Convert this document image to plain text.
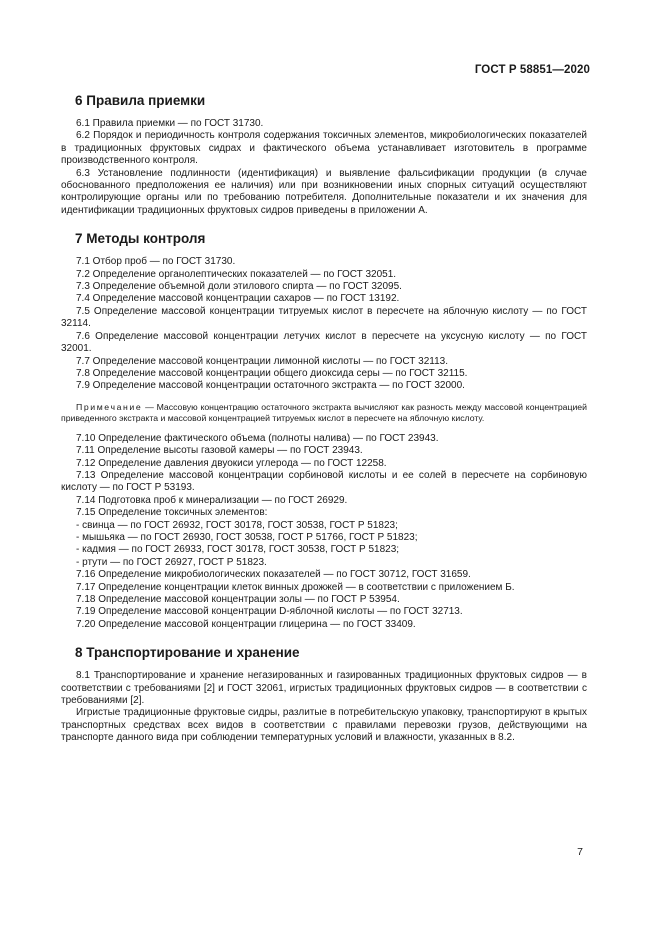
ГОСТ Р 58851—2020
6 Правила приемки

6.1 Правила приемки — по ГОСТ 31730.

6.2 Порядок и периодичность контроля содержания токсичных элементов, микробиологических показателей в традиционных фруктовых сидрах и фактического объема устанавливает изготовитель в программе производственного контроля.

6.3 Установление подлинности (идентификация) и выявление фальсификации продукции (в случае обоснованного предположения ее наличия) или при возникновении иных спорных ситуаций осуществляют контролирующие органы или по требованию потребителя. Дополнительные показатели и их значения для идентификации традиционных фруктовых сидров приведены в приложении А.

7 Методы контроля

7.1 Отбор проб — по ГОСТ 31730.

7.2 Определение органолептических показателей — по ГОСТ 32051.

7.3 Определение объемной доли этилового спирта — по ГОСТ 32095.

7.4 Определение массовой концентрации сахаров — по ГОСТ 13192.

7.5 Определение массовой концентрации титруемых кислот в пересчете на яблочную кислоту — по ГОСТ 32114.

7.6 Определение массовой концентрации летучих кислот в пересчете на уксусную кислоту — по ГОСТ 32001.

7.7 Определение массовой концентрации лимонной кислоты — по ГОСТ 32113.

7.8 Определение массовой концентрации общего диоксида серы — по ГОСТ 32115.

7.9 Определение массовой концентрации остаточного экстракта — по ГОСТ 32000.

Примечание — Массовую концентрацию остаточного экстракта вычисляют как разность между массовой концентрацией приведенного экстракта и массовой концентрацией титруемых кислот в пересчете на яблочную кислоту.

7.10 Определение фактического объема (полноты налива) — по ГОСТ 23943.

7.11 Определение высоты газовой камеры — по ГОСТ 23943.

7.12 Определение давления двуокиси углерода — по ГОСТ 12258.

7.13 Определение массовой концентрации сорбиновой кислоты и ее солей в пересчете на сорбиновую кислоту — по ГОСТ Р 53193.

7.14 Подготовка проб к минерализации — по ГОСТ 26929.

7.15 Определение токсичных элементов:

- свинца — по ГОСТ 26932, ГОСТ 30178, ГОСТ 30538, ГОСТ Р 51823;

- мышьяка — по ГОСТ 26930, ГОСТ 30538, ГОСТ Р 51766, ГОСТ Р 51823;

- кадмия — по ГОСТ 26933, ГОСТ 30178, ГОСТ 30538, ГОСТ Р 51823;

- ртути — по ГОСТ 26927, ГОСТ Р 51823.

7.16 Определение микробиологических показателей — по ГОСТ 30712, ГОСТ 31659.

7.17 Определение концентрации клеток винных дрожжей — в соответствии с приложением Б.

7.18 Определение массовой концентрации золы — по ГОСТ Р 53954.

7.19 Определение массовой концентрации D-яблочной кислоты — по ГОСТ 32713.

7.20 Определение массовой концентрации глицерина — по ГОСТ 33409.

8 Транспортирование и хранение

8.1 Транспортирование и хранение негазированных и газированных традиционных фруктовых сидров — в соответствии с требованиями [2] и ГОСТ 32061, игристых традиционных фруктовых сидров — в соответствии с требованиями [2].

Игристые традиционные фруктовые сидры, разлитые в потребительскую упаковку, транспортируют в крытых транспортных средствах всех видов в соответствии с правилами перевозки грузов, действующими на транспорте данного вида при соблюдении температурных условий и влажности, указанных в 8.2.

7
